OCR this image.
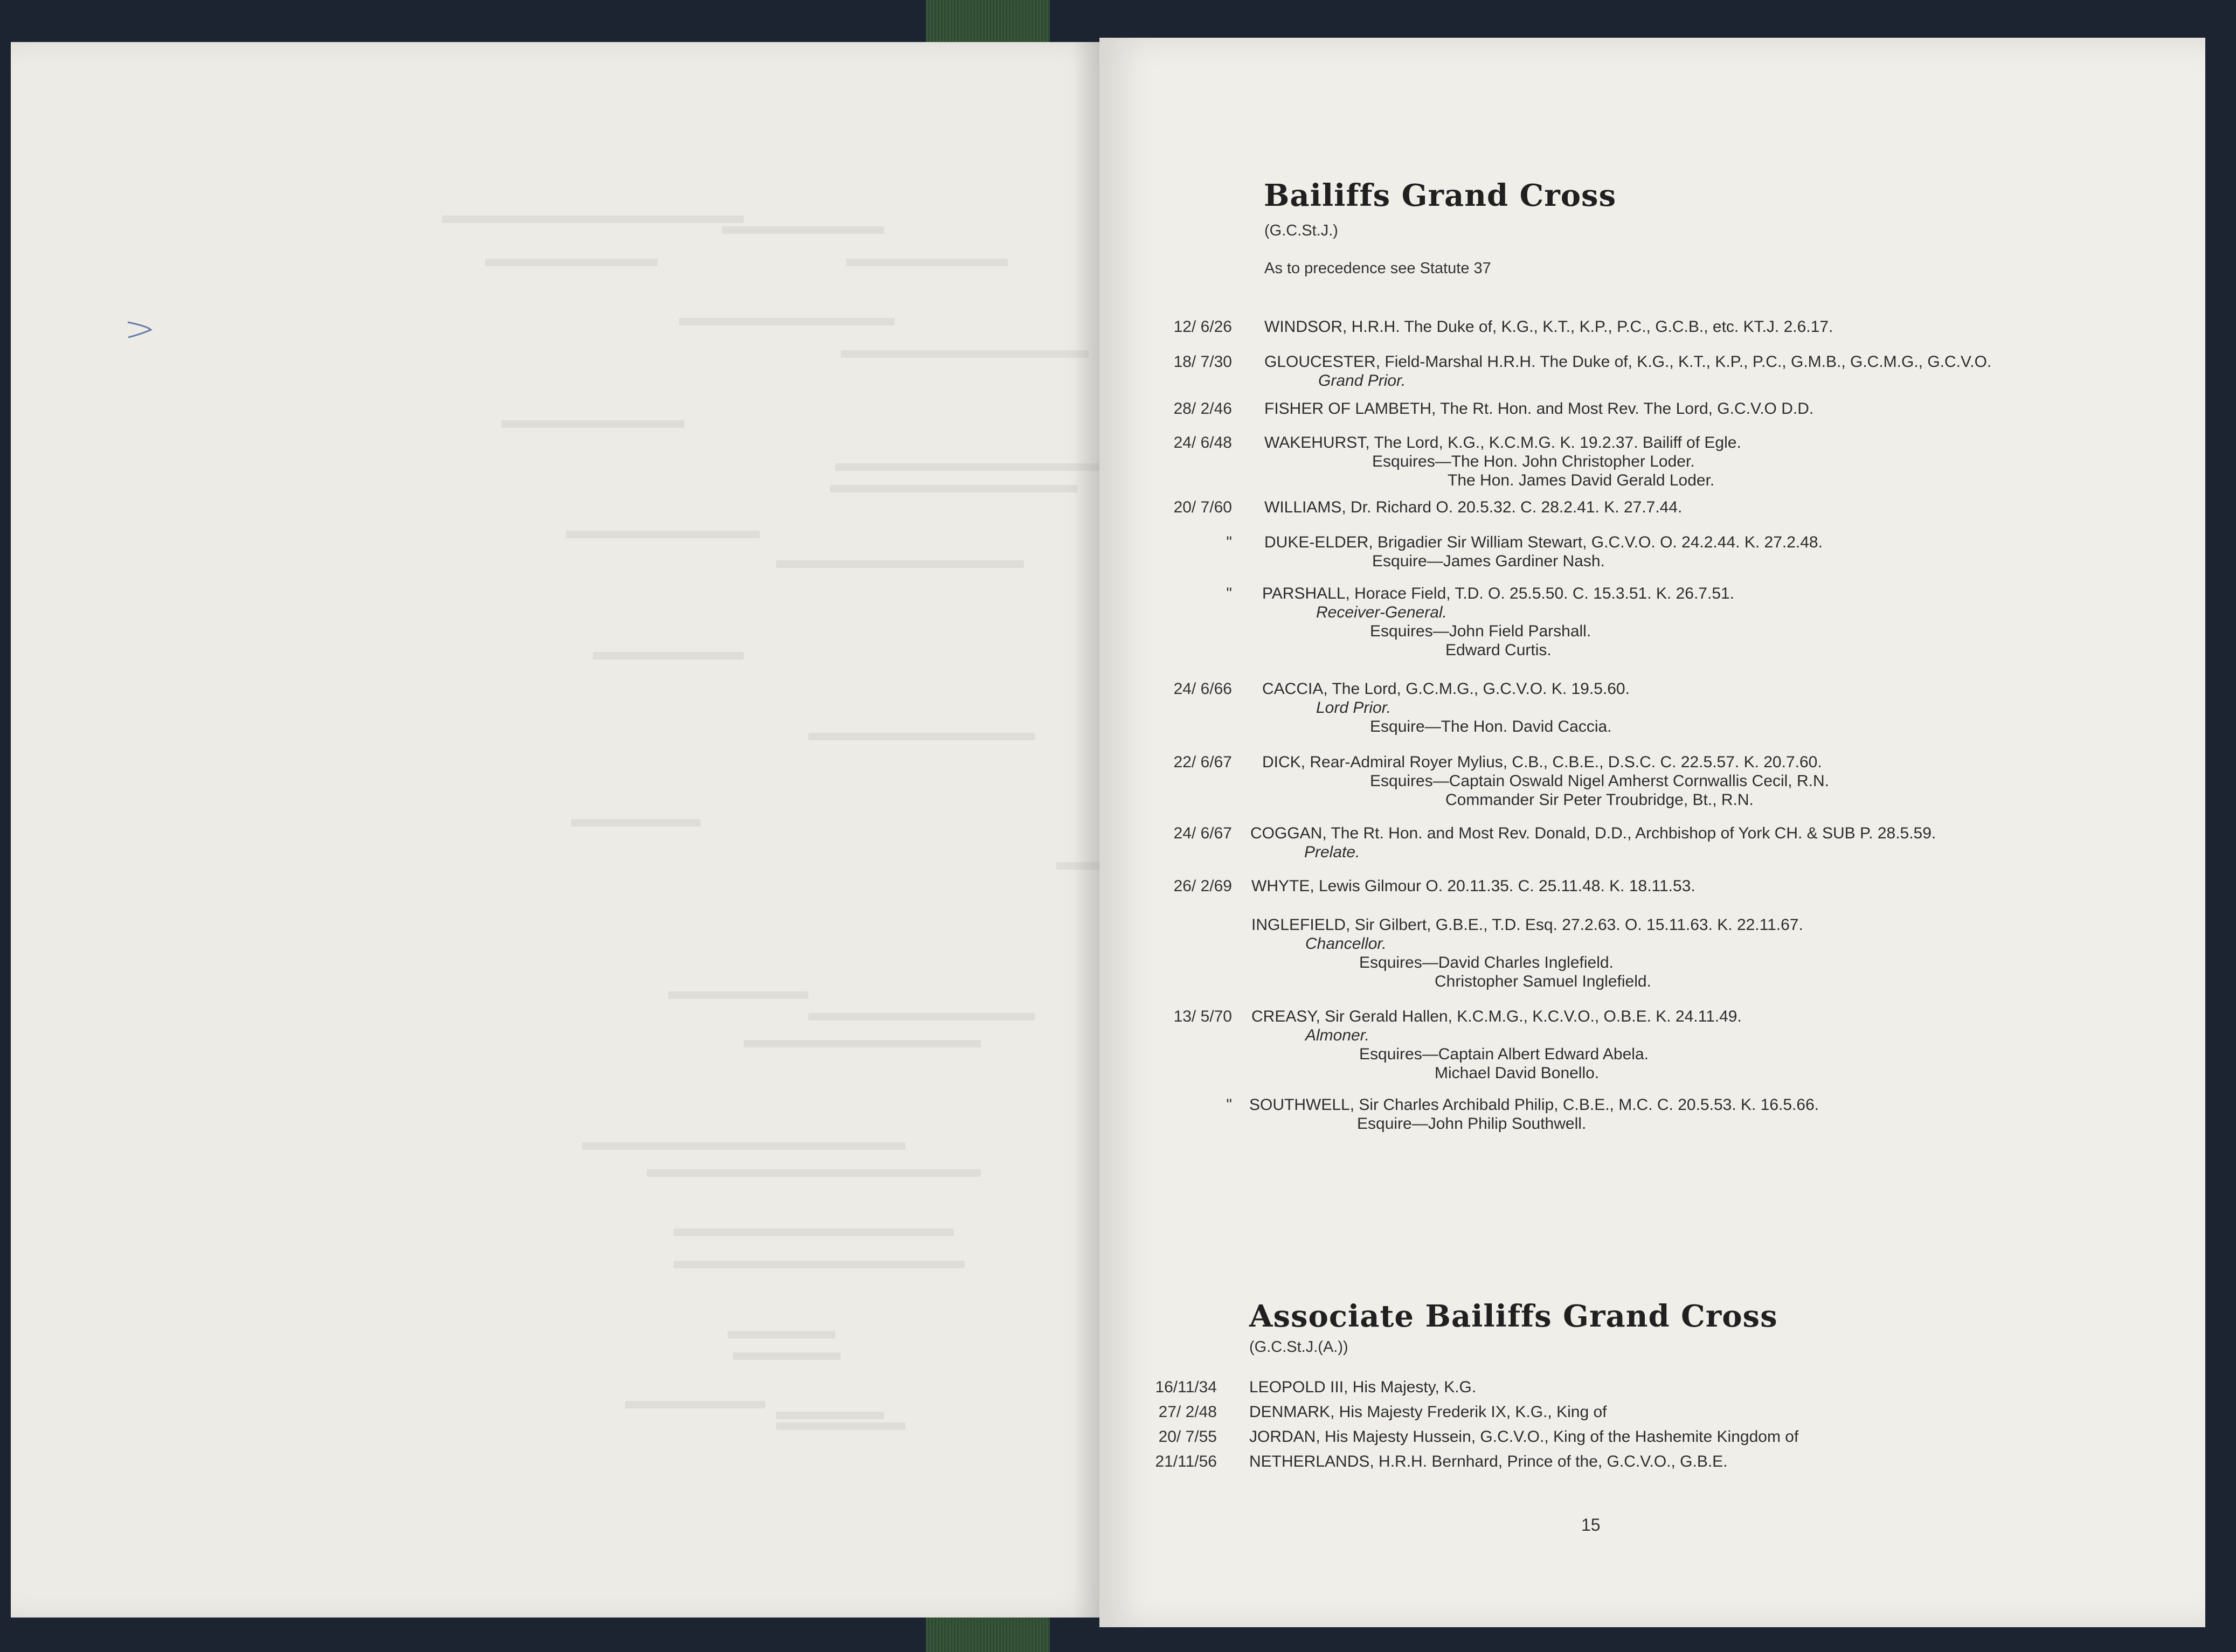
Bailiffs Grand Cross
(G.C.St.J.)
As to precedence see Statute 37
12/ 6/26 WINDSOR, H.R.H. The Duke of, K.G., K.T., K.P., P.C., G.C.B., etc. KT.J. 2.6.17.
18/ 7/30 GLOUCESTER, Field-Marshal H.R.H. The Duke of, K.G., K.T., K.P., P.C., G.M.B., G.C.M.G., G.C.V.O.
Grand Prior.
28/ 2/46 FISHER OF LAMBETH, The Rt. Hon. and Most Rev. The Lord, G.C.V.O D.D.
24/ 6/48 WAKEHURST, The Lord, K.G., K.C.M.G. K. 19.2.37. Bailiff of Egle.
Esquires—The Hon. John Christopher Loder.
The Hon. James David Gerald Loder.
20/ 7/60 WILLIAMS, Dr. Richard O. 20.5.32. C. 28.2.41. K. 27.7.44.
" DUKE-ELDER, Brigadier Sir William Stewart, G.C.V.O. O. 24.2.44. K. 27.2.48.
Esquire—James Gardiner Nash.
" PARSHALL, Horace Field, T.D. O. 25.5.50. C. 15.3.51. K. 26.7.51.
Receiver-General.
Esquires—John Field Parshall.
Edward Curtis.
24/ 6/66 CACCIA, The Lord, G.C.M.G., G.C.V.O. K. 19.5.60.
Lord Prior.
Esquire—The Hon. David Caccia.
22/ 6/67 DICK, Rear-Admiral Royer Mylius, C.B., C.B.E., D.S.C. C. 22.5.57. K. 20.7.60.
Esquires—Captain Oswald Nigel Amherst Cornwallis Cecil, R.N.
Commander Sir Peter Troubridge, Bt., R.N.
24/ 6/67 COGGAN, The Rt. Hon. and Most Rev. Donald, D.D., Archbishop of York CH. & SUB P. 28.5.59.
Prelate.
26/ 2/69 WHYTE, Lewis Gilmour O. 20.11.35. C. 25.11.48. K. 18.11.53.
INGLEFIELD, Sir Gilbert, G.B.E., T.D. Esq. 27.2.63. O. 15.11.63. K. 22.11.67.
Chancellor.
Esquires—David Charles Inglefield.
Christopher Samuel Inglefield.
13/ 5/70 CREASY, Sir Gerald Hallen, K.C.M.G., K.C.V.O., O.B.E. K. 24.11.49.
Almoner.
Esquires—Captain Albert Edward Abela.
Michael David Bonello.
" SOUTHWELL, Sir Charles Archibald Philip, C.B.E., M.C. C. 20.5.53. K. 16.5.66.
Esquire—John Philip Southwell.
Associate Bailiffs Grand Cross
(G.C.St.J.(A.))
16/11/34 LEOPOLD III, His Majesty, K.G.
27/ 2/48 DENMARK, His Majesty Frederik IX, K.G., King of
20/ 7/55 JORDAN, His Majesty Hussein, G.C.V.O., King of the Hashemite Kingdom of
21/11/56 NETHERLANDS, H.R.H. Bernhard, Prince of the, G.C.V.O., G.B.E.
15
